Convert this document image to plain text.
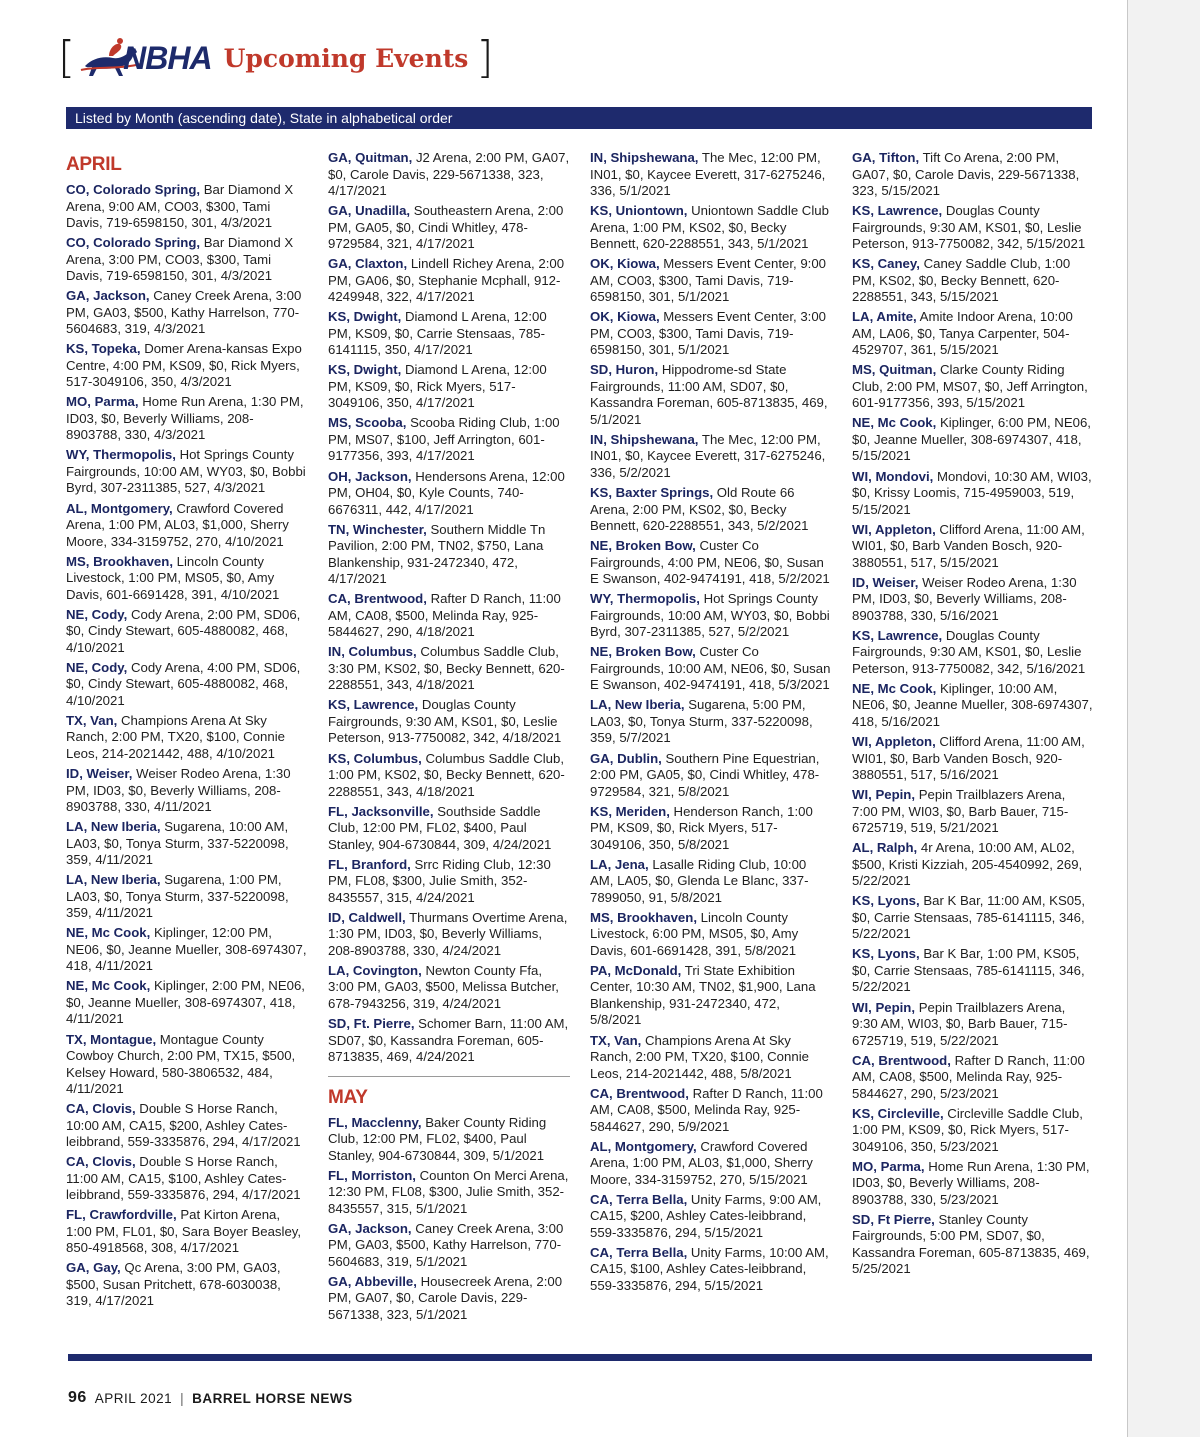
[ NBHA Upcoming Events ]
Listed by Month (ascending date), State in alphabetical order
APRIL
CO, Colorado Spring, Bar Diamond X Arena, 9:00 AM, CO03, $300, Tami Davis, 719-6598150, 301, 4/3/2021
CO, Colorado Spring, Bar Diamond X Arena, 3:00 PM, CO03, $300, Tami Davis, 719-6598150, 301, 4/3/2021
GA, Jackson, Caney Creek Arena, 3:00 PM, GA03, $500, Kathy Harrelson, 770-5604683, 319, 4/3/2021
KS, Topeka, Domer Arena-kansas Expo Centre, 4:00 PM, KS09, $0, Rick Myers, 517-3049106, 350, 4/3/2021
MO, Parma, Home Run Arena, 1:30 PM, ID03, $0, Beverly Williams, 208-8903788, 330, 4/3/2021
WY, Thermopolis, Hot Springs County Fairgrounds, 10:00 AM, WY03, $0, Bobbi Byrd, 307-2311385, 527, 4/3/2021
AL, Montgomery, Crawford Covered Arena, 1:00 PM, AL03, $1,000, Sherry Moore, 334-3159752, 270, 4/10/2021
MS, Brookhaven, Lincoln County Livestock, 1:00 PM, MS05, $0, Amy Davis, 601-6691428, 391, 4/10/2021
NE, Cody, Cody Arena, 2:00 PM, SD06, $0, Cindy Stewart, 605-4880082, 468, 4/10/2021
NE, Cody, Cody Arena, 4:00 PM, SD06, $0, Cindy Stewart, 605-4880082, 468, 4/10/2021
TX, Van, Champions Arena At Sky Ranch, 2:00 PM, TX20, $100, Connie Leos, 214-2021442, 488, 4/10/2021
ID, Weiser, Weiser Rodeo Arena, 1:30 PM, ID03, $0, Beverly Williams, 208-8903788, 330, 4/11/2021
LA, New Iberia, Sugarena, 10:00 AM, LA03, $0, Tonya Sturm, 337-5220098, 359, 4/11/2021
LA, New Iberia, Sugarena, 1:00 PM, LA03, $0, Tonya Sturm, 337-5220098, 359, 4/11/2021
NE, Mc Cook, Kiplinger, 12:00 PM, NE06, $0, Jeanne Mueller, 308-6974307, 418, 4/11/2021
NE, Mc Cook, Kiplinger, 2:00 PM, NE06, $0, Jeanne Mueller, 308-6974307, 418, 4/11/2021
TX, Montague, Montague County Cowboy Church, 2:00 PM, TX15, $500, Kelsey Howard, 580-3806532, 484, 4/11/2021
CA, Clovis, Double S Horse Ranch, 10:00 AM, CA15, $200, Ashley Cates-leibbrand, 559-3335876, 294, 4/17/2021
CA, Clovis, Double S Horse Ranch, 11:00 AM, CA15, $100, Ashley Cates-leibbrand, 559-3335876, 294, 4/17/2021
FL, Crawfordville, Pat Kirton Arena, 1:00 PM, FL01, $0, Sara Boyer Beasley, 850-4918568, 308, 4/17/2021
GA, Gay, Qc Arena, 3:00 PM, GA03, $500, Susan Pritchett, 678-6030038, 319, 4/17/2021
GA, Quitman, J2 Arena, 2:00 PM, GA07, $0, Carole Davis, 229-5671338, 323, 4/17/2021
GA, Unadilla, Southeastern Arena, 2:00 PM, GA05, $0, Cindi Whitley, 478-9729584, 321, 4/17/2021
GA, Claxton, Lindell Richey Arena, 2:00 PM, GA06, $0, Stephanie Mcphall, 912-4249948, 322, 4/17/2021
KS, Dwight, Diamond L Arena, 12:00 PM, KS09, $0, Carrie Stensaas, 785-6141115, 350, 4/17/2021
KS, Dwight, Diamond L Arena, 12:00 PM, KS09, $0, Rick Myers, 517-3049106, 350, 4/17/2021
MS, Scooba, Scooba Riding Club, 1:00 PM, MS07, $100, Jeff Arrington, 601-9177356, 393, 4/17/2021
OH, Jackson, Hendersons Arena, 12:00 PM, OH04, $0, Kyle Counts, 740-6676311, 442, 4/17/2021
TN, Winchester, Southern Middle Tn Pavilion, 2:00 PM, TN02, $750, Lana Blankenship, 931-2472340, 472, 4/17/2021
CA, Brentwood, Rafter D Ranch, 11:00 AM, CA08, $500, Melinda Ray, 925-5844627, 290, 4/18/2021
IN, Columbus, Columbus Saddle Club, 3:30 PM, KS02, $0, Becky Bennett, 620-2288551, 343, 4/18/2021
KS, Lawrence, Douglas County Fairgrounds, 9:30 AM, KS01, $0, Leslie Peterson, 913-7750082, 342, 4/18/2021
KS, Columbus, Columbus Saddle Club, 1:00 PM, KS02, $0, Becky Bennett, 620-2288551, 343, 4/18/2021
FL, Jacksonville, Southside Saddle Club, 12:00 PM, FL02, $400, Paul Stanley, 904-6730844, 309, 4/24/2021
FL, Branford, Srrc Riding Club, 12:30 PM, FL08, $300, Julie Smith, 352-8435557, 315, 4/24/2021
ID, Caldwell, Thurmans Overtime Arena, 1:30 PM, ID03, $0, Beverly Williams, 208-8903788, 330, 4/24/2021
LA, Covington, Newton County Ffa, 3:00 PM, GA03, $500, Melissa Butcher, 678-7943256, 319, 4/24/2021
SD, Ft. Pierre, Schomer Barn, 11:00 AM, SD07, $0, Kassandra Foreman, 605-8713835, 469, 4/24/2021
MAY
FL, Macclenny, Baker County Riding Club, 12:00 PM, FL02, $400, Paul Stanley, 904-6730844, 309, 5/1/2021
FL, Morriston, Counton On Merci Arena, 12:30 PM, FL08, $300, Julie Smith, 352-8435557, 315, 5/1/2021
GA, Jackson, Caney Creek Arena, 3:00 PM, GA03, $500, Kathy Harrelson, 770-5604683, 319, 5/1/2021
GA, Abbeville, Housecreek Arena, 2:00 PM, GA07, $0, Carole Davis, 229-5671338, 323, 5/1/2021
IN, Shipshewana, The Mec, 12:00 PM, IN01, $0, Kaycee Everett, 317-6275246, 336, 5/1/2021
KS, Uniontown, Uniontown Saddle Club Arena, 1:00 PM, KS02, $0, Becky Bennett, 620-2288551, 343, 5/1/2021
OK, Kiowa, Messers Event Center, 9:00 AM, CO03, $300, Tami Davis, 719-6598150, 301, 5/1/2021
OK, Kiowa, Messers Event Center, 3:00 PM, CO03, $300, Tami Davis, 719-6598150, 301, 5/1/2021
SD, Huron, Hippodrome-sd State Fairgrounds, 11:00 AM, SD07, $0, Kassandra Foreman, 605-8713835, 469, 5/1/2021
IN, Shipshewana, The Mec, 12:00 PM, IN01, $0, Kaycee Everett, 317-6275246, 336, 5/2/2021
KS, Baxter Springs, Old Route 66 Arena, 2:00 PM, KS02, $0, Becky Bennett, 620-2288551, 343, 5/2/2021
NE, Broken Bow, Custer Co Fairgrounds, 4:00 PM, NE06, $0, Susan E Swanson, 402-9474191, 418, 5/2/2021
WY, Thermopolis, Hot Springs County Fairgrounds, 10:00 AM, WY03, $0, Bobbi Byrd, 307-2311385, 527, 5/2/2021
NE, Broken Bow, Custer Co Fairgrounds, 10:00 AM, NE06, $0, Susan E Swanson, 402-9474191, 418, 5/3/2021
LA, New Iberia, Sugarena, 5:00 PM, LA03, $0, Tonya Sturm, 337-5220098, 359, 5/7/2021
GA, Dublin, Southern Pine Equestrian, 2:00 PM, GA05, $0, Cindi Whitley, 478-9729584, 321, 5/8/2021
KS, Meriden, Henderson Ranch, 1:00 PM, KS09, $0, Rick Myers, 517-3049106, 350, 5/8/2021
LA, Jena, Lasalle Riding Club, 10:00 AM, LA05, $0, Glenda Le Blanc, 337-7899050, 91, 5/8/2021
MS, Brookhaven, Lincoln County Livestock, 6:00 PM, MS05, $0, Amy Davis, 601-6691428, 391, 5/8/2021
PA, McDonald, Tri State Exhibition Center, 10:30 AM, TN02, $1,900, Lana Blankenship, 931-2472340, 472, 5/8/2021
TX, Van, Champions Arena At Sky Ranch, 2:00 PM, TX20, $100, Connie Leos, 214-2021442, 488, 5/8/2021
CA, Brentwood, Rafter D Ranch, 11:00 AM, CA08, $500, Melinda Ray, 925-5844627, 290, 5/9/2021
AL, Montgomery, Crawford Covered Arena, 1:00 PM, AL03, $1,000, Sherry Moore, 334-3159752, 270, 5/15/2021
CA, Terra Bella, Unity Farms, 9:00 AM, CA15, $200, Ashley Cates-leibbrand, 559-3335876, 294, 5/15/2021
CA, Terra Bella, Unity Farms, 10:00 AM, CA15, $100, Ashley Cates-leibbrand, 559-3335876, 294, 5/15/2021
GA, Tifton, Tift Co Arena, 2:00 PM, GA07, $0, Carole Davis, 229-5671338, 323, 5/15/2021
KS, Lawrence, Douglas County Fairgrounds, 9:30 AM, KS01, $0, Leslie Peterson, 913-7750082, 342, 5/15/2021
KS, Caney, Caney Saddle Club, 1:00 PM, KS02, $0, Becky Bennett, 620-2288551, 343, 5/15/2021
LA, Amite, Amite Indoor Arena, 10:00 AM, LA06, $0, Tanya Carpenter, 504-4529707, 361, 5/15/2021
MS, Quitman, Clarke County Riding Club, 2:00 PM, MS07, $0, Jeff Arrington, 601-9177356, 393, 5/15/2021
NE, Mc Cook, Kiplinger, 6:00 PM, NE06, $0, Jeanne Mueller, 308-6974307, 418, 5/15/2021
WI, Mondovi, Mondovi, 10:30 AM, WI03, $0, Krissy Loomis, 715-4959003, 519, 5/15/2021
WI, Appleton, Clifford Arena, 11:00 AM, WI01, $0, Barb Vanden Bosch, 920-3880551, 517, 5/15/2021
ID, Weiser, Weiser Rodeo Arena, 1:30 PM, ID03, $0, Beverly Williams, 208-8903788, 330, 5/16/2021
KS, Lawrence, Douglas County Fairgrounds, 9:30 AM, KS01, $0, Leslie Peterson, 913-7750082, 342, 5/16/2021
NE, Mc Cook, Kiplinger, 10:00 AM, NE06, $0, Jeanne Mueller, 308-6974307, 418, 5/16/2021
WI, Appleton, Clifford Arena, 11:00 AM, WI01, $0, Barb Vanden Bosch, 920-3880551, 517, 5/16/2021
WI, Pepin, Pepin Trailblazers Arena, 7:00 PM, WI03, $0, Barb Bauer, 715-6725719, 519, 5/21/2021
AL, Ralph, 4r Arena, 10:00 AM, AL02, $500, Kristi Kizziah, 205-4540992, 269, 5/22/2021
KS, Lyons, Bar K Bar, 11:00 AM, KS05, $0, Carrie Stensaas, 785-6141115, 346, 5/22/2021
KS, Lyons, Bar K Bar, 1:00 PM, KS05, $0, Carrie Stensaas, 785-6141115, 346, 5/22/2021
WI, Pepin, Pepin Trailblazers Arena, 9:30 AM, WI03, $0, Barb Bauer, 715-6725719, 519, 5/22/2021
CA, Brentwood, Rafter D Ranch, 11:00 AM, CA08, $500, Melinda Ray, 925-5844627, 290, 5/23/2021
KS, Circleville, Circleville Saddle Club, 1:00 PM, KS09, $0, Rick Myers, 517-3049106, 350, 5/23/2021
MO, Parma, Home Run Arena, 1:30 PM, ID03, $0, Beverly Williams, 208-8903788, 330, 5/23/2021
SD, Ft Pierre, Stanley County Fairgrounds, 5:00 PM, SD07, $0, Kassandra Foreman, 605-8713835, 469, 5/25/2021
96 APRIL 2021 | BARREL HORSE NEWS
